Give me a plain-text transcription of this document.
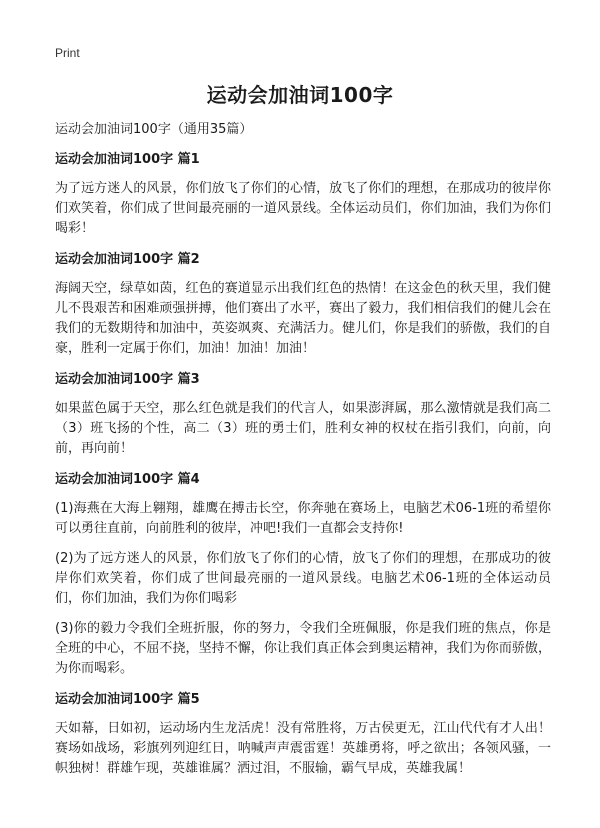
Print
运动会加油词100字
运动会加油词100字（通用35篇）
运动会加油词100字 篇1

为了远方迷人的风景，你们放飞了你们的心情，放飞了你们的理想，在那成功的彼岸你们欢笑着，你们成了世间最亮丽的一道风景线。全体运动员们，你们加油，我们为你们喝彩！

运动会加油词100字 篇2

海阔天空，绿草如茵，红色的赛道显示出我们红色的热情！在这金色的秋天里，我们健儿不畏艰苦和困难顽强拼搏，他们赛出了水平，赛出了毅力，我们相信我们的健儿会在我们的无数期待和加油中，英姿飒爽、充满活力。健儿们，你是我们的骄傲，我们的自豪，胜利一定属于你们，加油！加油！加油！

运动会加油词100字 篇3

如果蓝色属于天空，那么红色就是我们的代言人，如果澎湃属，那么激情就是我们高二（3）班飞扬的个性，高二（3）班的勇士们，胜利女神的权杖在指引我们，向前，向前，再向前！

运动会加油词100字 篇4

(1)海燕在大海上翱翔，雄鹰在搏击长空，你奔驰在赛场上，电脑艺术06-1班的希望你可以勇往直前，向前胜利的彼岸，冲吧!我们一直都会支持你!

(2)为了远方迷人的风景，你们放飞了你们的心情，放飞了你们的理想，在那成功的彼岸你们欢笑着，你们成了世间最亮丽的一道风景线。电脑艺术06-1班的全体运动员们，你们加油，我们为你们喝彩

(3)你的毅力令我们全班折服，你的努力，令我们全班佩服，你是我们班的焦点，你是全班的中心，不屈不挠，坚持不懈，你让我们真正体会到奥运精神，我们为你而骄傲，为你而喝彩。

运动会加油词100字 篇5

天如幕，日如初，运动场内生龙活虎！没有常胜将，万古侯更无，江山代代有才人出！赛场如战场，彩旗列列迎红日，呐喊声声震雷霆！英雄勇将，呼之欲出；各领风骚，一帜独树！群雄乍现，英雄谁属？洒过泪，不服输，霸气早成，英雄我属！
